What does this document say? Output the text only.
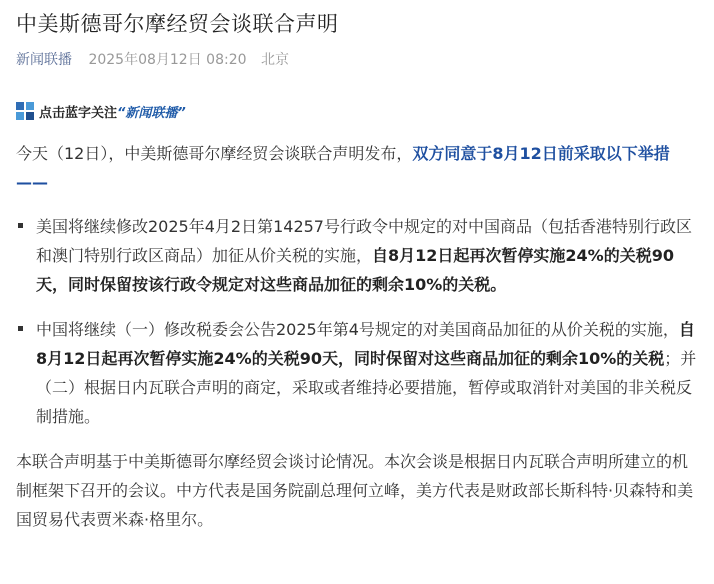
中美斯德哥尔摩经贸会谈联合声明
新闻联播 2025年08月12日 08:20 北京
点击蓝字关注“新闻联播”

今天（12日），中美斯德哥尔摩经贸会谈联合声明发布，双方同意于8月12日前采取以下举措——

美国将继续修改2025年4月2日第14257号行政令中规定的对中国商品（包括香港特别行政区和澳门特别行政区商品）加征从价关税的实施，自8月12日起再次暂停实施24%的关税90天，同时保留按该行政令规定对这些商品加征的剩余10%的关税。

中国将继续（一）修改税委会公告2025年第4号规定的对美国商品加征的从价关税的实施，自8月12日起再次暂停实施24%的关税90天，同时保留对这些商品加征的剩余10%的关税；并（二）根据日内瓦联合声明的商定，采取或者维持必要措施，暂停或取消针对美国的非关税反制措施。

本联合声明基于中美斯德哥尔摩经贸会谈讨论情况。本次会谈是根据日内瓦联合声明所建立的机制框架下召开的会议。中方代表是国务院副总理何立峰，美方代表是财政部长斯科特·贝森特和美国贸易代表贾米森·格里尔。
